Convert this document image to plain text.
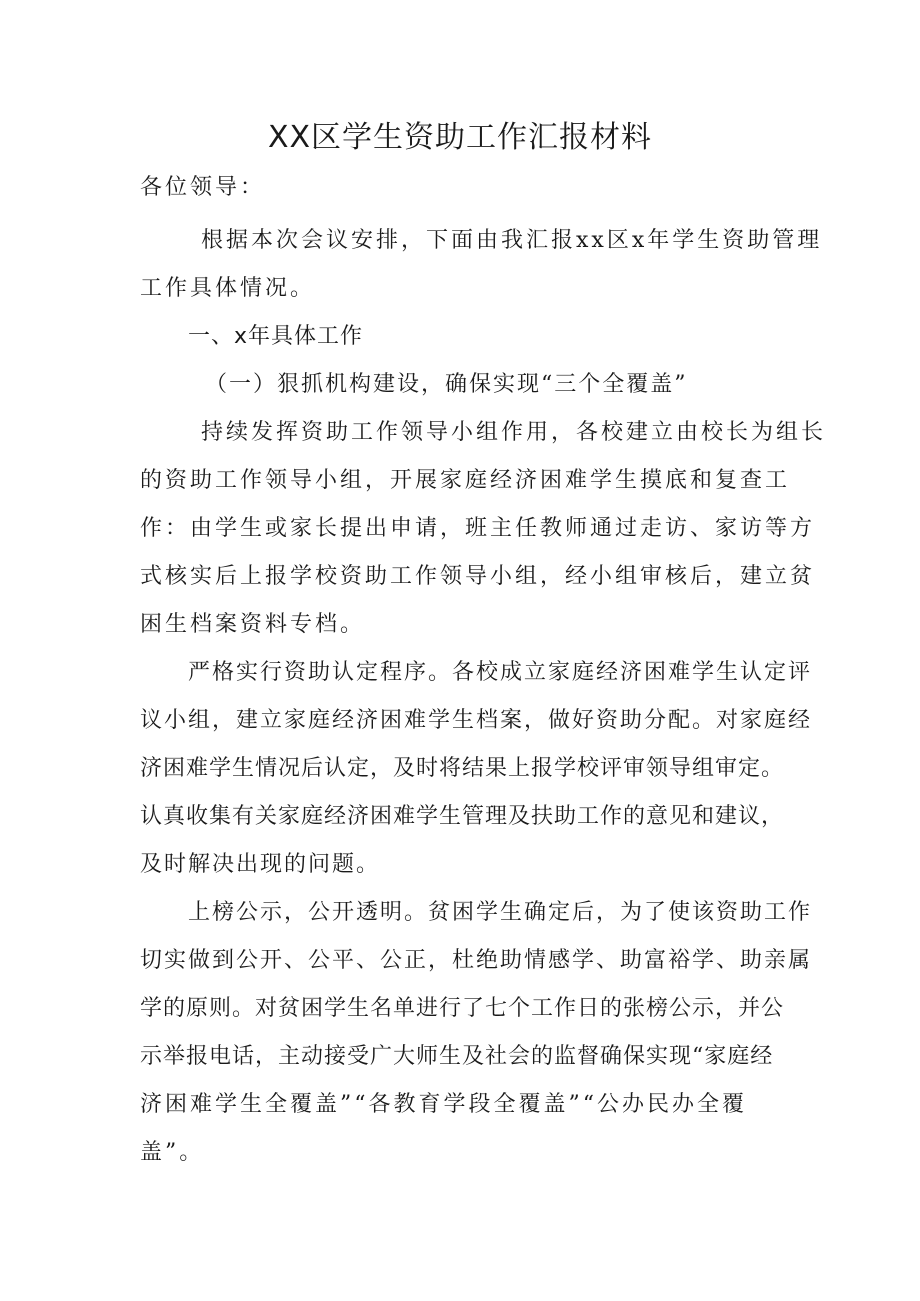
XX区学生资助工作汇报材料
各位领导：
根据本次会议安排，下面由我汇报xx区x年学生资助管理
工作具体情况。
一、x年具体工作
（一）狠抓机构建设，确保实现“三个全覆盖”
持续发挥资助工作领导小组作用，各校建立由校长为组长
的资助工作领导小组，开展家庭经济困难学生摸底和复查工
作：由学生或家长提出申请，班主任教师通过走访、家访等方
式核实后上报学校资助工作领导小组，经小组审核后，建立贫
困生档案资料专档。
严格实行资助认定程序。各校成立家庭经济困难学生认定评
议小组，建立家庭经济困难学生档案，做好资助分配。对家庭经
济困难学生情况后认定，及时将结果上报学校评审领导组审定。
认真收集有关家庭经济困难学生管理及扶助工作的意见和建议，
及时解决出现的问题。
上榜公示，公开透明。贫困学生确定后，为了使该资助工作
切实做到公开、公平、公正，杜绝助情感学、助富裕学、助亲属
学的原则。对贫困学生名单进行了七个工作日的张榜公示，并公
示举报电话，主动接受广大师生及社会的监督确保实现“家庭经
济困难学生全覆盖”“各教育学段全覆盖”“公办民办全覆
盖”。
